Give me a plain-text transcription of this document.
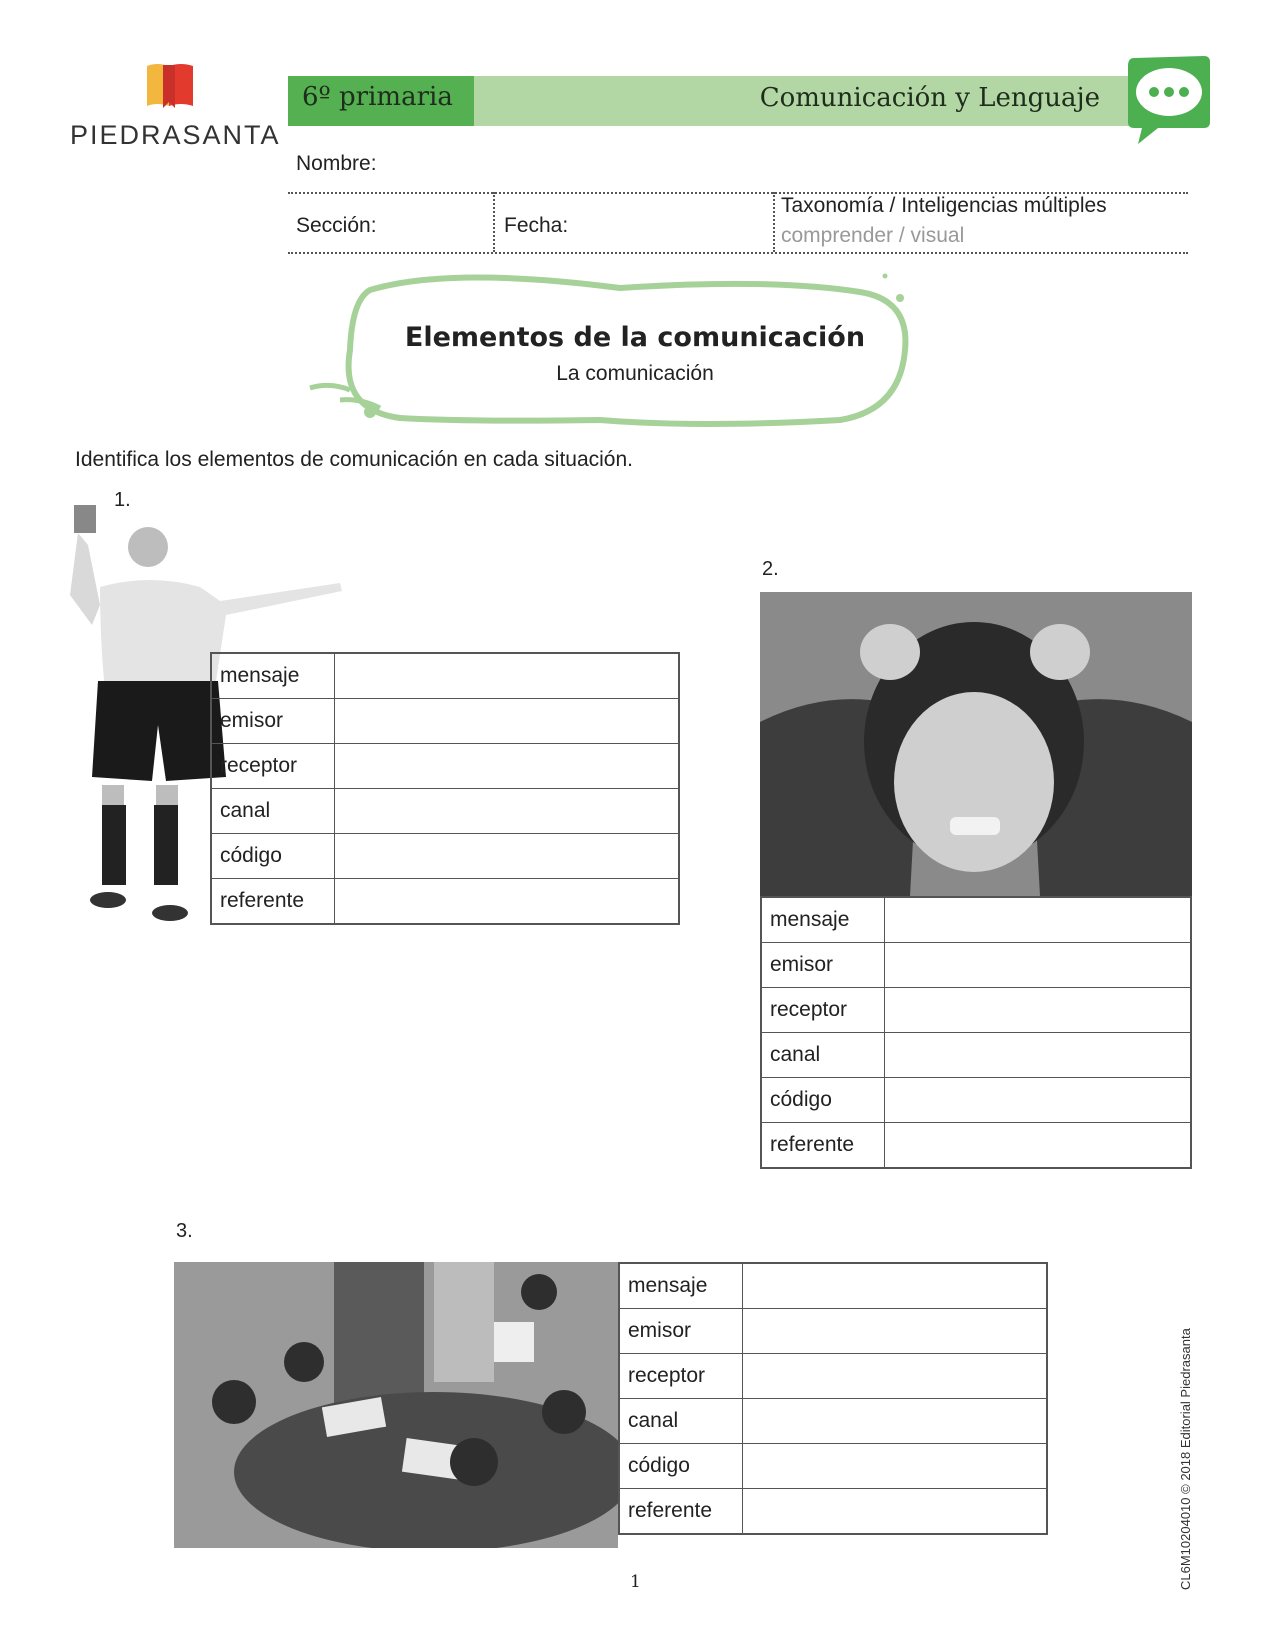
PIEDRASANTA
6º primaria	Comunicación y Lenguaje
Nombre:
Sección:	Fecha:
Taxonomía / Inteligencias múltiples
comprender / visual
Elementos de la comunicación
La comunicación
Identifica los elementos de comunicación en cada situación.
1.
mensaje	
emisor	
receptor	
canal	
código	
referente	
2.
mensaje	
emisor	
receptor	
canal	
código	
referente	
3.
mensaje	
emisor	
receptor	
canal	
código	
referente		CL6M10204010 © 2018 Editorial Piedrasanta
1
